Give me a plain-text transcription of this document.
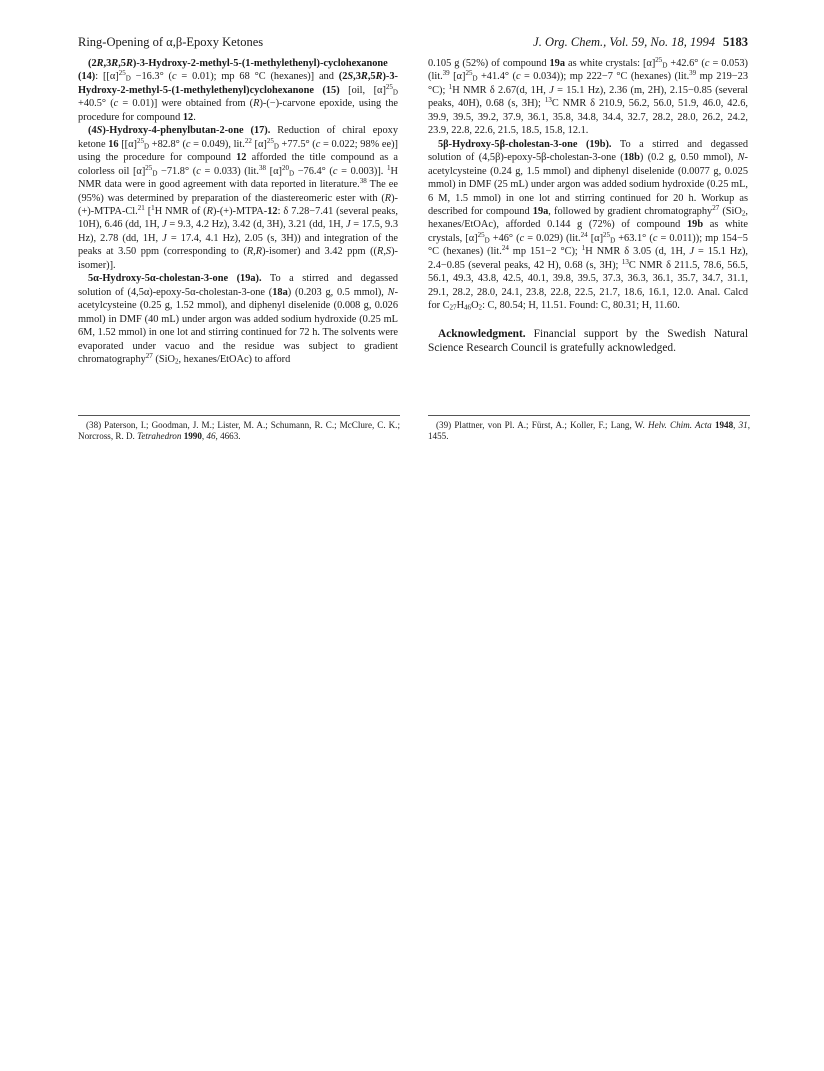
Ring-Opening of α,β-Epoxy Ketones	J. Org. Chem., Vol. 59, No. 18, 1994 5183

(2R,3R,5R)-3-Hydroxy-2-methyl-5-(1-methylethenyl)-cyclohexanone (14): [$[\alpha]^{25}_D -16.3^\circ$ (c = 0.01); mp 68 °C (hexanes)] and (2S,3R,5R)-3-Hydroxy-2-methyl-5-(1-methylethenyl)cyclohexanone (15) [oil, $[\alpha]^{25}_D +40.5^\circ$ (c = 0.01)] were obtained from (R)-(−)-carvone epoxide, using the procedure for compound 12.

(4S)-Hydroxy-4-phenylbutan-2-one (17). Reduction of chiral epoxy ketone 16 [$[\alpha]^{25}_D +82.8^\circ$ (c = 0.049), lit.$^{22}$ $[\alpha]^{25}_D +77.5^\circ$ (c = 0.022; 98% ee)] using the procedure for compound 12 afforded the title compound as a colorless oil $[\alpha]^{25}_D -71.8^\circ$ (c = 0.033) (lit.$^{38}$ $[\alpha]^{20}_D -76.4^\circ$ (c = 0.003)]. $^1$H NMR data were in good agreement with data reported in literature.$^{38}$ The ee (95%) was determined by preparation of the diastereomeric ester with (R)-(+)-MTPA-Cl.$^{21}$ [$^1$H NMR of (R)-(+)-MTPA-12: δ 7.28−7.41 (several peaks, 10H), 6.46 (dd, 1H, J = 9.3, 4.2 Hz), 3.42 (d, 3H), 3.21 (dd, 1H, J = 17.5, 9.3 Hz), 2.78 (dd, 1H, J = 17.4, 4.1 Hz), 2.05 (s, 3H)) and integration of the peaks at 3.50 ppm (corresponding to (R,R)-isomer) and 3.42 ppm ((R,S)-isomer)].

5α-Hydroxy-5α-cholestan-3-one (19a). To a stirred and degassed solution of (4,5α)-epoxy-5α-cholestan-3-one (18a) (0.203 g, 0.5 mmol), N-acetylcysteine (0.25 g, 1.52 mmol), and diphenyl diselenide (0.008 g, 0.026 mmol) in DMF (40 mL) under argon was added sodium hydroxide (0.25 mL 6M, 1.52 mmol) in one lot and stirring continued for 72 h. The solvents were evaporated under vacuo and the residue was subject to gradient chromatography$^{27}$ (SiO$_2$, hexanes/EtOAc) to afford

0.105 g (52%) of compound 19a as white crystals: $[\alpha]^{25}_D +42.6^\circ$ (c = 0.053) (lit.$^{39}$ $[\alpha]^{25}_D +41.4^\circ$ (c = 0.034)); mp 222−7 °C (hexanes) (lit.$^{39}$ mp 219−23 °C); $^1$H NMR δ 2.67(d, 1H, J = 15.1 Hz), 2.36 (m, 2H), 2.15−0.85 (several peaks, 40H), 0.68 (s, 3H); $^{13}$C NMR δ 210.9, 56.2, 56.0, 51.9, 46.0, 42.6, 39.9, 39.5, 39.2, 37.9, 36.1, 35.8, 34.8, 34.4, 32.7, 28.2, 28.0, 26.2, 24.2, 23.9, 22.8, 22.6, 21.5, 18.5, 15.8, 12.1.

5β-Hydroxy-5β-cholestan-3-one (19b). To a stirred and degassed solution of (4,5β)-epoxy-5β-cholestan-3-one (18b) (0.2 g, 0.50 mmol), N-acetylcysteine (0.24 g, 1.5 mmol) and diphenyl diselenide (0.0077 g, 0.025 mmol) in DMF (25 mL) under argon was added sodium hydroxide (0.25 mL, 6 M, 1.5 mmol) in one lot and stirring continued for 20 h. Workup as described for compound 19a, followed by gradient chromatography$^{27}$ (SiO$_2$, hexanes/EtOAc), afforded 0.144 g (72%) of compound 19b as white crystals, $[\alpha]^{25}_D +46^\circ$ (c = 0.029) (lit.$^{24}$ $[\alpha]^{25}_D +63.1^\circ$ (c = 0.011)); mp 154−5 °C (hexanes) (lit.$^{24}$ mp 151−2 °C); $^1$H NMR δ 3.05 (d, 1H, J = 15.1 Hz), 2.4−0.85 (several peaks, 42 H), 0.68 (s, 3H); $^{13}$C NMR δ 211.5, 78.6, 56.5, 56.1, 49.3, 43.8, 42.5, 40.1, 39.8, 39.5, 37.3, 36.3, 36.1, 35.7, 34.7, 31.1, 29.1, 28.2, 28.0, 24.1, 23.8, 22.8, 22.5, 21.7, 18.6, 16.1, 12.0. Anal. Calcd for $C_{27}H_{46}O_2$: C, 80.54; H, 11.51. Found: C, 80.31; H, 11.60.

Acknowledgment. Financial support by the Swedish Natural Science Research Council is gratefully acknowledged.

(38) Paterson, I.; Goodman, J. M.; Lister, M. A.; Schumann, R. C.; McClure, C. K.; Norcross, R. D. Tetrahedron 1990, 46, 4663.

(39) Plattner, von Pl. A.; Fürst, A.; Koller, F.; Lang, W. Helv. Chim. Acta 1948, 31, 1455.
